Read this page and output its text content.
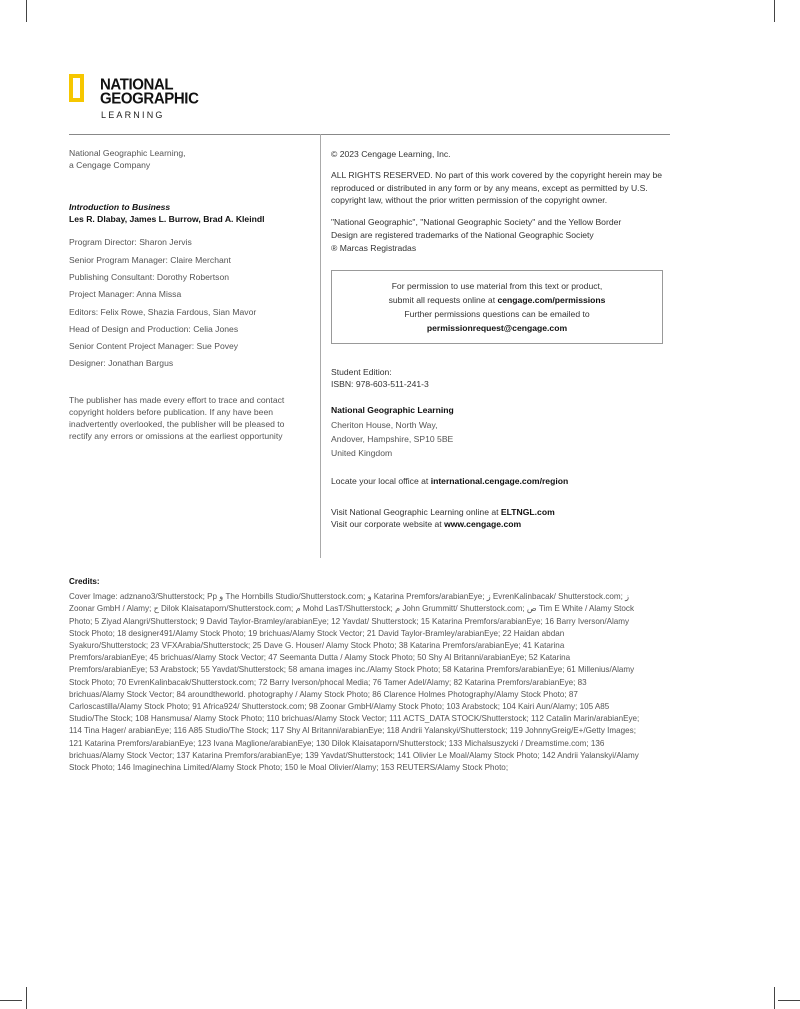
NATIONAL
GEOGRAPHIC
LEARNING

National Geographic Learning,

a Cengage Company

Introduction to Business

Les R. Dlabay, James L. Burrow, Brad A. Kleindl

Program Director: Sharon Jervis

Senior Program Manager: Claire Merchant

Publishing Consultant: Dorothy Robertson

Project Manager: Anna Missa

Editors: Felix Rowe, Shazia Fardous, Sian Mavor

Head of Design and Production: Celia Jones

Senior Content Project Manager: Sue Povey

Designer: Jonathan Bargus

The publisher has made every effort to trace and contact copyright holders before publication. If any have been inadvertently overlooked, the publisher will be pleased to rectify any errors or omissions at the earliest opportunity

© 2023 Cengage Learning, Inc.

ALL RIGHTS RESERVED. No part of this work covered by the copyright herein may be reproduced or distributed in any form or by any means, except as permitted by U.S. copyright law, without the prior written permission of the copyright owner.

"National Geographic", "National Geographic Society" and the Yellow Border

Design are registered trademarks of the National Geographic Society

® Marcas Registradas

For permission to use material from this text or product,

submit all requests online at cengage.com/permissions

Further permissions questions can be emailed to

permissionrequest@cengage.com

Student Edition:

ISBN: 978-603-511-241-3

National Geographic Learning

Cheriton House, North Way,

Andover, Hampshire, SP10 5BE

United Kingdom

Locate your local office at international.cengage.com/region

Visit National Geographic Learning online at ELTNGL.com

Visit our corporate website at www.cengage.com

Credits:

Cover Image: adznano3/Shutterstock; Pp و The Hornbills Studio/Shutterstock.com; و Katarina Premfors/arabianEye; ز EvrenKalinbacak/ Shutterstock.com; ز Zoonar GmbH / Alamy; ح Dilok Klaisataporn/Shutterstock.com; م Mohd LasT/Shutterstock; م John Grummitt/ Shutterstock.com; ص Tim E White / Alamy Stock Photo; 5 Ziyad Alangri/Shutterstock; 9 David Taylor-Bramley/arabianEye; 12 Yavdat/ Shutterstock; 15 Katarina Premfors/arabianEye; 16 Barry Iverson/Alamy Stock Photo; 18 designer491/Alamy Stock Photo; 19 brichuas/Alamy Stock Vector; 21 David Taylor-Bramley/arabianEye; 22 Haidan abdan Syakuro/Shutterstock; 23 VFXArabia/Shutterstock; 25 Dave G. Houser/ Alamy Stock Photo; 38 Katarina Premfors/arabianEye; 41 Katarina Premfors/arabianEye; 45 brichuas/Alamy Stock Vector; 47 Seemanta Dutta / Alamy Stock Photo; 50 Shy Al Britanni/arabianEye; 52 Katarina Premfors/arabianEye; 53 Arabstock; 55 Yavdat/Shutterstock; 58 amana images inc./Alamy Stock Photo; 58 Katarina Premfors/arabianEye; 61 Millenius/Alamy Stock Photo; 70 EvrenKalinbacak/Shutterstock.com; 72 Barry Iverson/phocal Media; 76 Tamer Adel/Alamy; 82 Katarina Premfors/arabianEye; 83 brichuas/Alamy Stock Vector; 84 aroundtheworld. photography / Alamy Stock Photo; 86 Clarence Holmes Photography/Alamy Stock Photo; 87 Carloscastilla/Alamy Stock Photo; 91 Africa924/ Shutterstock.com; 98 Zoonar GmbH/Alamy Stock Photo; 103 Arabstock; 104 Kairi Aun/Alamy; 105 A85 Studio/The Stock; 108 Hansmusa/ Alamy Stock Photo; 110 brichuas/Alamy Stock Vector; 111 ACTS_DATA STOCK/Shutterstock; 112 Catalin Marin/arabianEye; 114 Tina Hager/ arabianEye; 116 A85 Studio/The Stock; 117 Shy Al Britanni/arabianEye; 118 Andrii Yalanskyi/Shutterstock; 119 JohnnyGreig/E+/Getty Images; 121 Katarina Premfors/arabianEye; 123 Ivana Maglione/arabianEye; 130 Dilok Klaisataporn/Shutterstock; 133 Michalsuszycki / Dreamstime.com; 136 brichuas/Alamy Stock Vector; 137 Katarina Premfors/arabianEye; 139 Yavdat/Shutterstock; 141 Olivier Le Moal/Alamy Stock Photo; 142 Andrii Yalanskyi/Alamy Stock Photo; 146 Imaginechina Limited/Alamy Stock Photo; 150 le Moal Olivier/Alamy; 153 REUTERS/Alamy Stock Photo;
